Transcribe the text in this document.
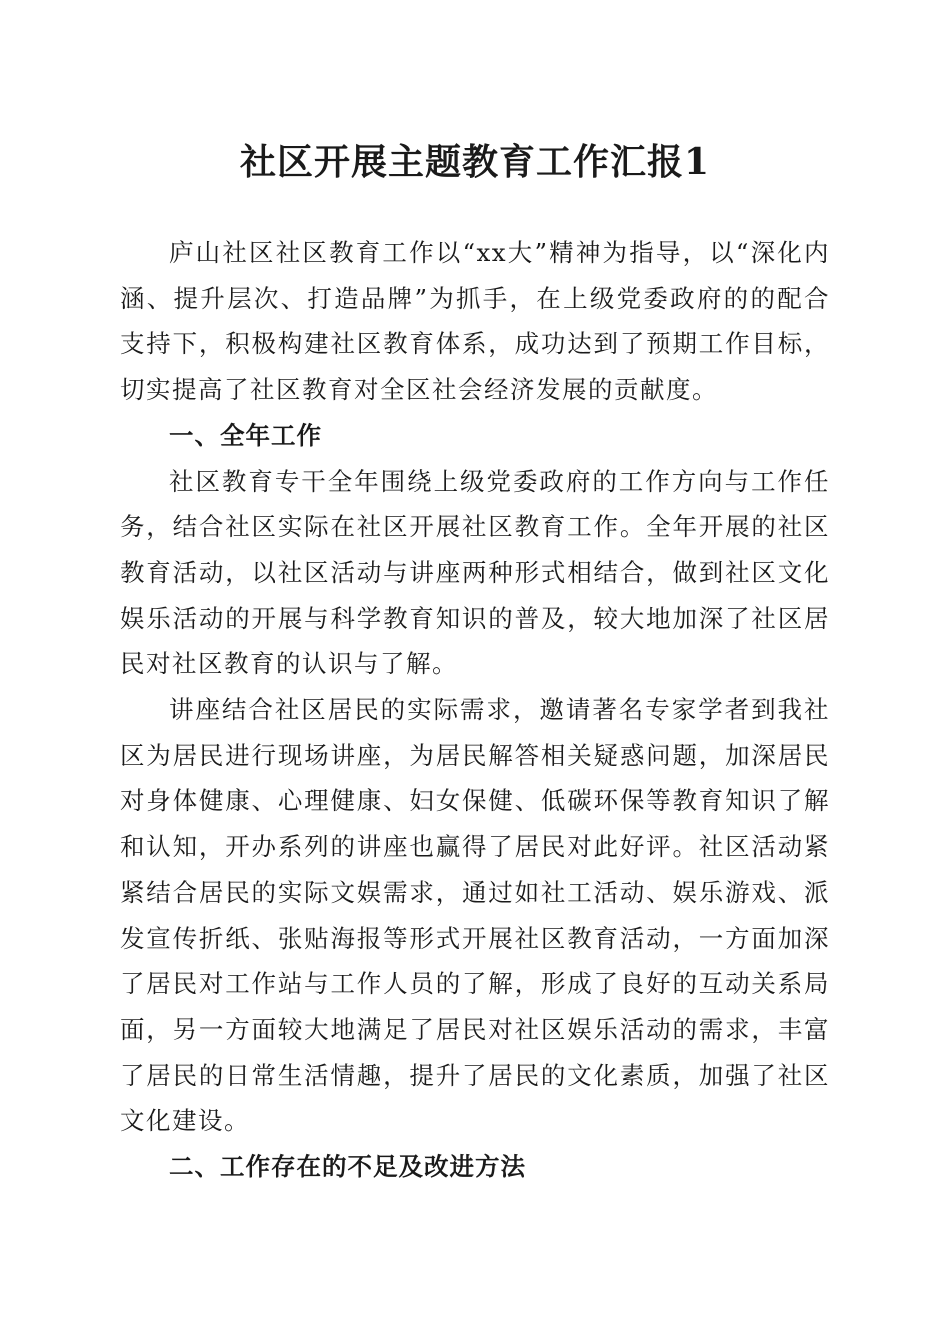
社区开展主题教育工作汇报1

庐山社区社区教育工作以“xx大”精神为指导，以“深化内涵、提升层次、打造品牌”为抓手，在上级党委政府的的配合支持下，积极构建社区教育体系，成功达到了预期工作目标，切实提高了社区教育对全区社会经济发展的贡献度。

一、全年工作

社区教育专干全年围绕上级党委政府的工作方向与工作任务，结合社区实际在社区开展社区教育工作。全年开展的社区教育活动，以社区活动与讲座两种形式相结合，做到社区文化娱乐活动的开展与科学教育知识的普及，较大地加深了社区居民对社区教育的认识与了解。

讲座结合社区居民的实际需求，邀请著名专家学者到我社区为居民进行现场讲座，为居民解答相关疑惑问题，加深居民对身体健康、心理健康、妇女保健、低碳环保等教育知识了解和认知，开办系列的讲座也赢得了居民对此好评。社区活动紧紧结合居民的实际文娱需求，通过如社工活动、娱乐游戏、派发宣传折纸、张贴海报等形式开展社区教育活动，一方面加深了居民对工作站与工作人员的了解，形成了良好的互动关系局面，另一方面较大地满足了居民对社区娱乐活动的需求，丰富了居民的日常生活情趣，提升了居民的文化素质，加强了社区文化建设。

二、工作存在的不足及改进方法
